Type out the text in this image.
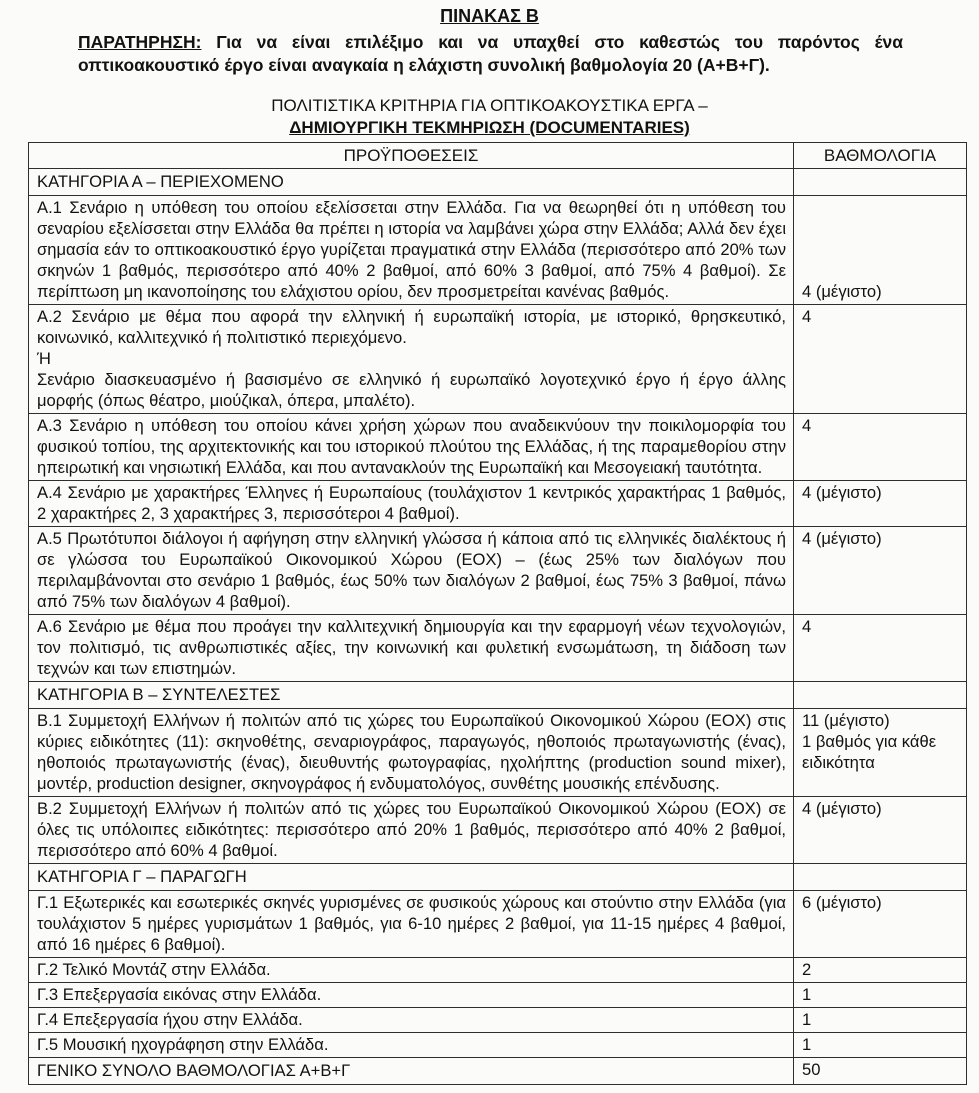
ΠΙΝΑΚΑΣ Β

ΠΑΡΑΤΗΡΗΣΗ: Για να είναι επιλέξιμο και να υπαχθεί στο καθεστώς του παρόντος ένα οπτικοακουστικό έργο είναι αναγκαία η ελάχιστη συνολική βαθμολογία 20 (Α+Β+Γ).

ΠΟΛΙΤΙΣΤΙΚΑ ΚΡΙΤΗΡΙΑ ΓΙΑ ΟΠΤΙΚΟΑΚΟΥΣΤΙΚΑ ΕΡΓΑ –
ΔΗΜΙΟΥΡΓΙΚΗ ΤΕΚΜΗΡΙΩΣΗ (DOCUMENTARIES)
ΠΡΟΫΠΟΘΕΣΕΙΣ	ΒΑΘΜΟΛΟΓΙΑ

ΚΑΤΗΓΟΡΙΑ Α – ΠΕΡΙΕΧΟΜΕΝΟ	

Α.1 Σενάριο η υπόθεση του οποίου εξελίσσεται στην Ελλάδα. Για να θεωρηθεί ότι η υπόθεση του σεναρίου εξελίσσεται στην Ελλάδα θα πρέπει η ιστορία να λαμβάνει χώρα στην Ελλάδα; Αλλά δεν έχει σημασία εάν το οπτικοακουστικό έργο γυρίζεται πραγματικά στην Ελλάδα (περισσότερο από 20% των σκηνών 1 βαθμός, περισσότερο από 40% 2 βαθμοί, από 60% 3 βαθμοί, από 75% 4 βαθμοί). Σε περίπτωση μη ικανοποίησης του ελάχιστου ορίου, δεν προσμετρείται κανένας βαθμός.	4 (μέγιστο)

Α.2 Σενάριο με θέμα που αφορά την ελληνική ή ευρωπαϊκή ιστορία, με ιστορικό, θρησκευτικό, κοινωνικό, καλλιτεχνικό ή πολιτιστικό περιεχόμενο.
Ή
Σενάριο διασκευασμένο ή βασισμένο σε ελληνικό ή ευρωπαϊκό λογοτεχνικό έργο ή έργο άλλης μορφής (όπως θέατρο, μιούζικαλ, όπερα, μπαλέτο).	4

Α.3 Σενάριο η υπόθεση του οποίου κάνει χρήση χώρων που αναδεικνύουν την ποικιλομορφία του φυσικού τοπίου, της αρχιτεκτονικής και του ιστορικού πλούτου της Ελλάδας, ή της παραμεθορίου στην ηπειρωτική και νησιωτική Ελλάδα, και που αντανακλούν της Ευρωπαϊκή και Μεσογειακή ταυτότητα.	4

Α.4 Σενάριο με χαρακτήρες Έλληνες ή Ευρωπαίους (τουλάχιστον 1 κεντρικός χαρακτήρας 1 βαθμός, 2 χαρακτήρες 2, 3 χαρακτήρες 3, περισσότεροι 4 βαθμοί).	4 (μέγιστο)

Α.5 Πρωτότυποι διάλογοι ή αφήγηση στην ελληνική γλώσσα ή κάποια από τις ελληνικές διαλέκτους ή σε γλώσσα του Ευρωπαϊκού Οικονομικού Χώρου (ΕΟΧ) – (έως 25% των διαλόγων που περιλαμβάνονται στο σενάριο 1 βαθμός, έως 50% των διαλόγων 2 βαθμοί, έως 75% 3 βαθμοί, πάνω από 75% των διαλόγων 4 βαθμοί).	4 (μέγιστο)

Α.6 Σενάριο με θέμα που προάγει την καλλιτεχνική δημιουργία και την εφαρμογή νέων τεχνολογιών, τον πολιτισμό, τις ανθρωπιστικές αξίες, την κοινωνική και φυλετική ενσωμάτωση, τη διάδοση των τεχνών και των επιστημών.	4

ΚΑΤΗΓΟΡΙΑ Β – ΣΥΝΤΕΛΕΣΤΕΣ	

Β.1 Συμμετοχή Ελλήνων ή πολιτών από τις χώρες του Ευρωπαϊκού Οικονομικού Χώρου (ΕΟΧ) στις κύριες ειδικότητες (11): σκηνοθέτης, σεναριογράφος, παραγωγός, ηθοποιός πρωταγωνιστής (ένας), ηθοποιός πρωταγωνιστής (ένας), διευθυντής φωτογραφίας, ηχολήπτης (production sound mixer), μοντέρ, production designer, σκηνογράφος ή ενδυματολόγος, συνθέτης μουσικής επένδυσης.	11 (μέγιστο)
1 βαθμός για κάθε ειδικότητα

Β.2 Συμμετοχή Ελλήνων ή πολιτών από τις χώρες του Ευρωπαϊκού Οικονομικού Χώρου (ΕΟΧ) σε όλες τις υπόλοιπες ειδικότητες: περισσότερο από 20% 1 βαθμός, περισσότερο από 40% 2 βαθμοί, περισσότερο από 60% 4 βαθμοί.	4 (μέγιστο)

ΚΑΤΗΓΟΡΙΑ Γ – ΠΑΡΑΓΩΓΗ	

Γ.1 Εξωτερικές και εσωτερικές σκηνές γυρισμένες σε φυσικούς χώρους και στούντιο στην Ελλάδα (για τουλάχιστον 5 ημέρες γυρισμάτων 1 βαθμός, για 6-10 ημέρες 2 βαθμοί, για 11-15 ημέρες 4 βαθμοί, από 16 ημέρες 6 βαθμοί).	6 (μέγιστο)

Γ.2 Τελικό Μοντάζ στην Ελλάδα.	2

Γ.3 Επεξεργασία εικόνας στην Ελλάδα.	1

Γ.4 Επεξεργασία ήχου στην Ελλάδα.	1

Γ.5 Μουσική ηχογράφηση στην Ελλάδα.	1

ΓΕΝΙΚΟ ΣΥΝΟΛΟ ΒΑΘΜΟΛΟΓΙΑΣ Α+Β+Γ	50
